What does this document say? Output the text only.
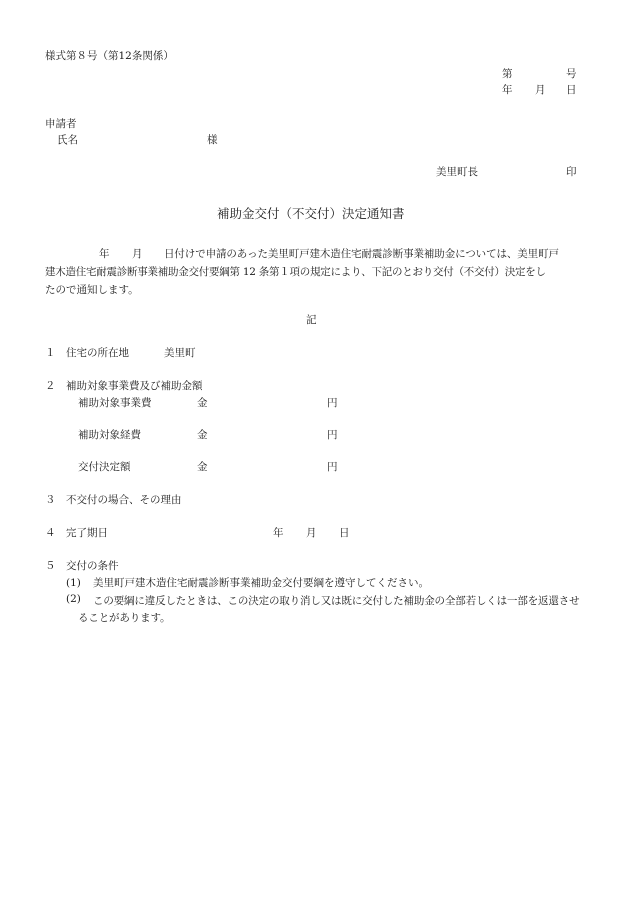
様式第８号（第12条関係）
第	号
年 月 日
申請者
氏名	様
美里町長	印
補助金交付（不交付）決定通知書
年 月 日付けで申請のあった美里町戸建木造住宅耐震診断事業補助金については、美里町戸
建木造住宅耐震診断事業補助金交付要綱第 12 条第１項の規定により、下記のとおり交付（不交付）決定をし
たので通知します。
記
１ 住宅の所在地	美里町
２ 補助対象事業費及び補助金額
補助対象事業費	金	円
補助対象経費	金	円
交付決定額	金	円
３ 不交付の場合、その理由
４ 完了期日	年 月 日
５ 交付の条件
(1) 美里町戸建木造住宅耐震診断事業補助金交付要綱を遵守してください。
(2)	この要綱に違反したときは、この決定の取り消し又は既に交付した補助金の全部若しくは一部を返還させることがあります。
